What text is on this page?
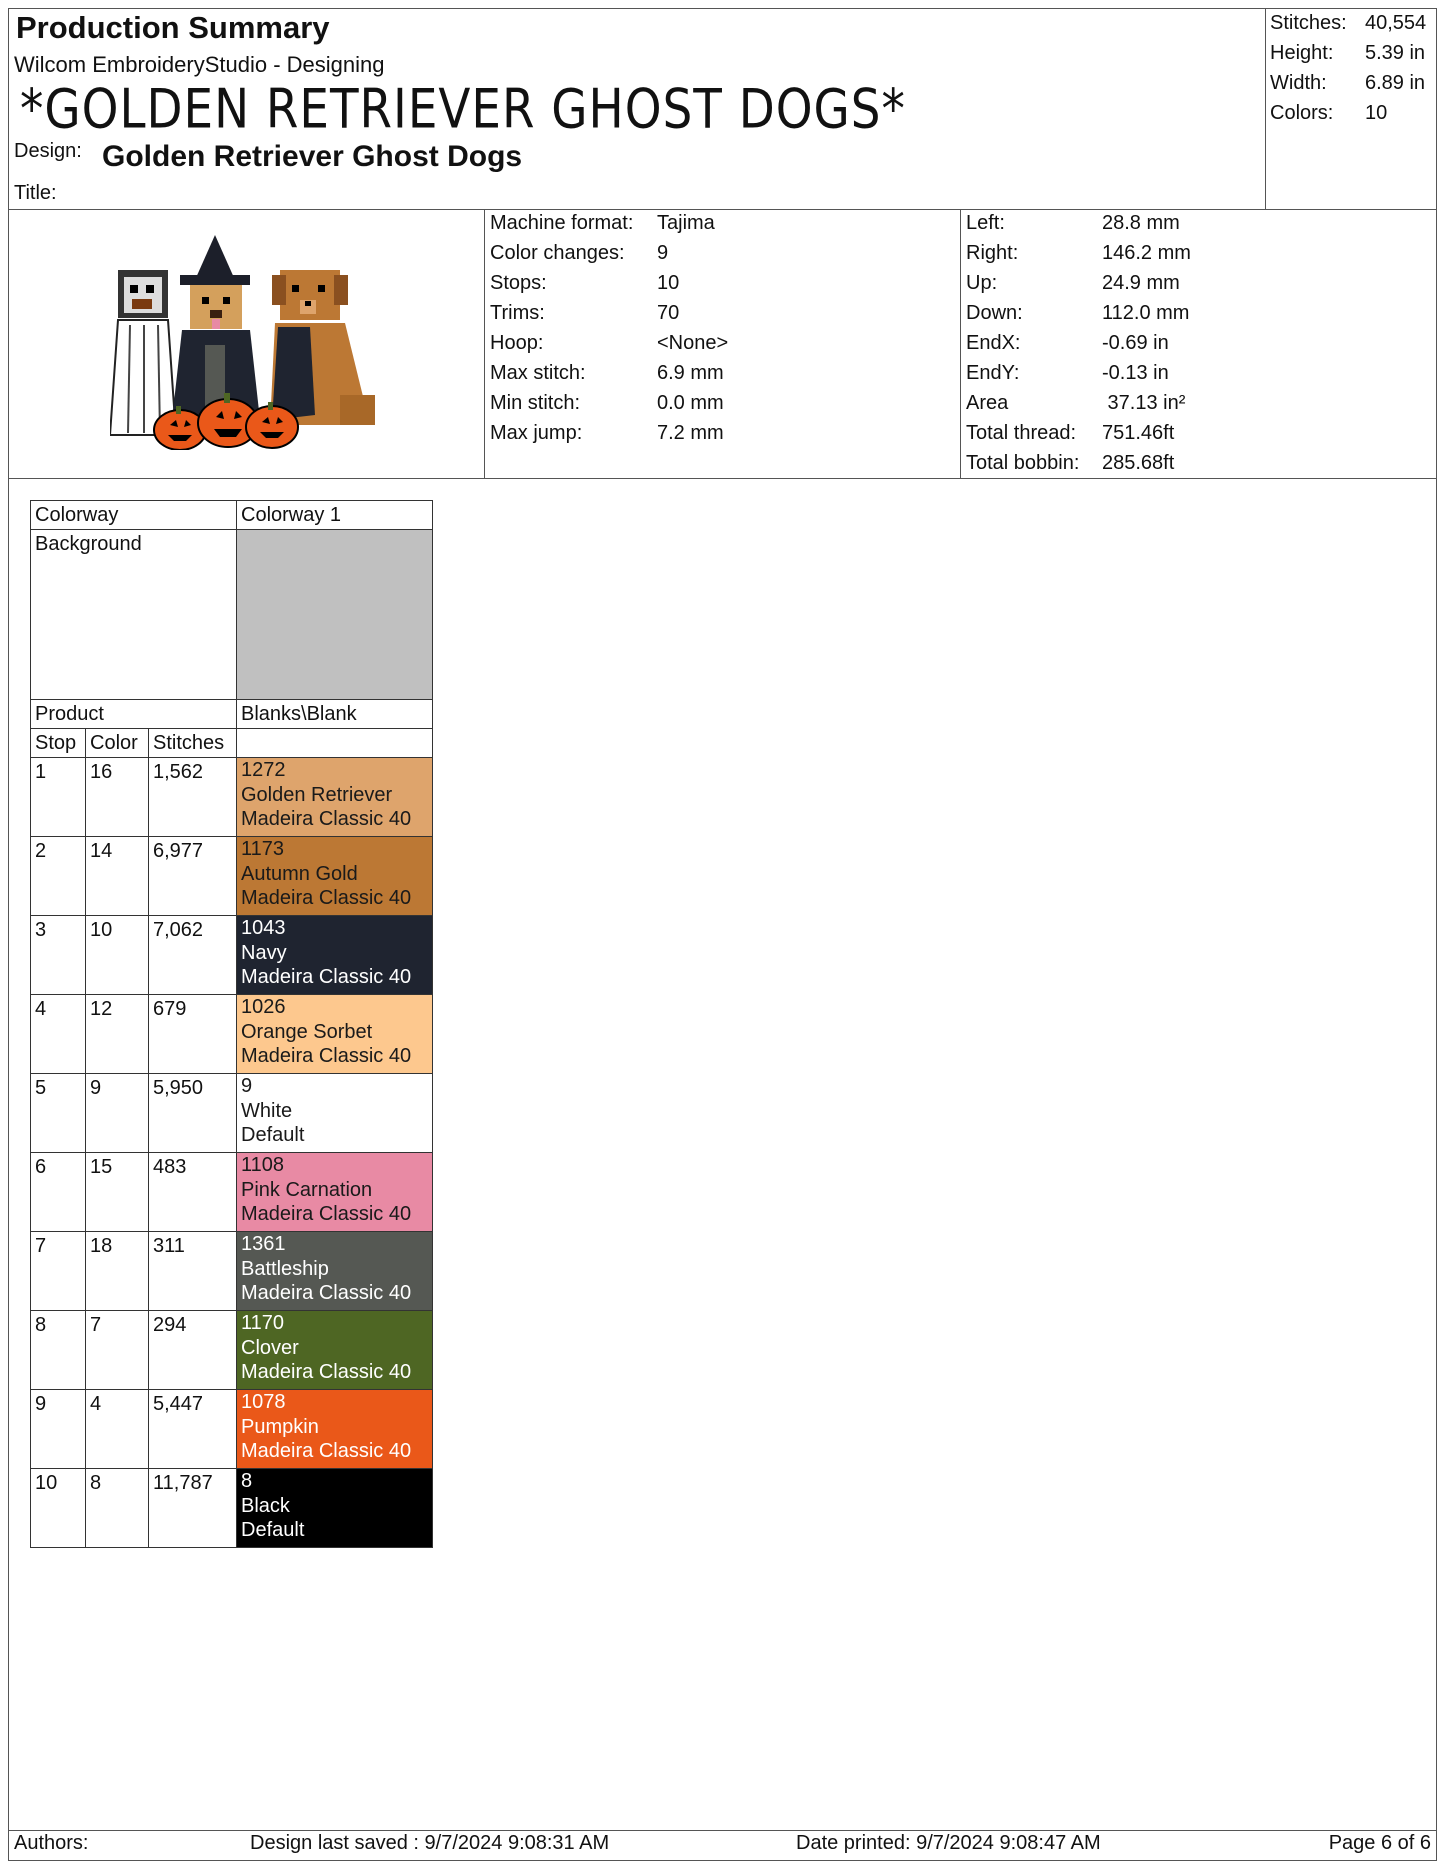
Production Summary
Wilcom EmbroideryStudio - Designing
*GOLDEN RETRIEVER GHOST DOGS*
Design: Golden Retriever Ghost Dogs
Title:
Stitches: 40,554
Height:	5.39 in
Width:	6.89 in
Colors:	10
Machine format:	Tajima
Color changes:	9
Stops:	10
Trims:	70
Hoop:	<None>
Max stitch:	6.9 mm
Min stitch:	0.0 mm
Max jump:	7.2 mm
Left:	28.8 mm
Right:	146.2 mm
Up:	24.9 mm
Down:	112.0 mm
EndX:	-0.69 in
EndY:	-0.13 in
Area	37.13 in²
Total thread:	751.46ft
Total bobbin:	285.68ft
Colorway			Colorway 1
Background			
Product			Blanks\Blank
Stop	Color	Stitches	
1	16	1,562	1272
Golden Retriever
Madeira Classic 40

2	14	6,977	1173
Autumn Gold
Madeira Classic 40

3	10	7,062	1043
Navy
Madeira Classic 40

4	12	679	1026
Orange Sorbet
Madeira Classic 40

5	9	5,950	9
White
Default

6	15	483	1108
Pink Carnation
Madeira Classic 40

7	18	311	1361
Battleship
Madeira Classic 40

8	7	294	1170
Clover
Madeira Classic 40

9	4	5,447	1078
Pumpkin
Madeira Classic 40

10	8	11,787	8
Black
Default
Authors:	Design last saved : 9/7/2024 9:08:31 AM	Date printed: 9/7/2024 9:08:47 AM	Page 6 of 6
